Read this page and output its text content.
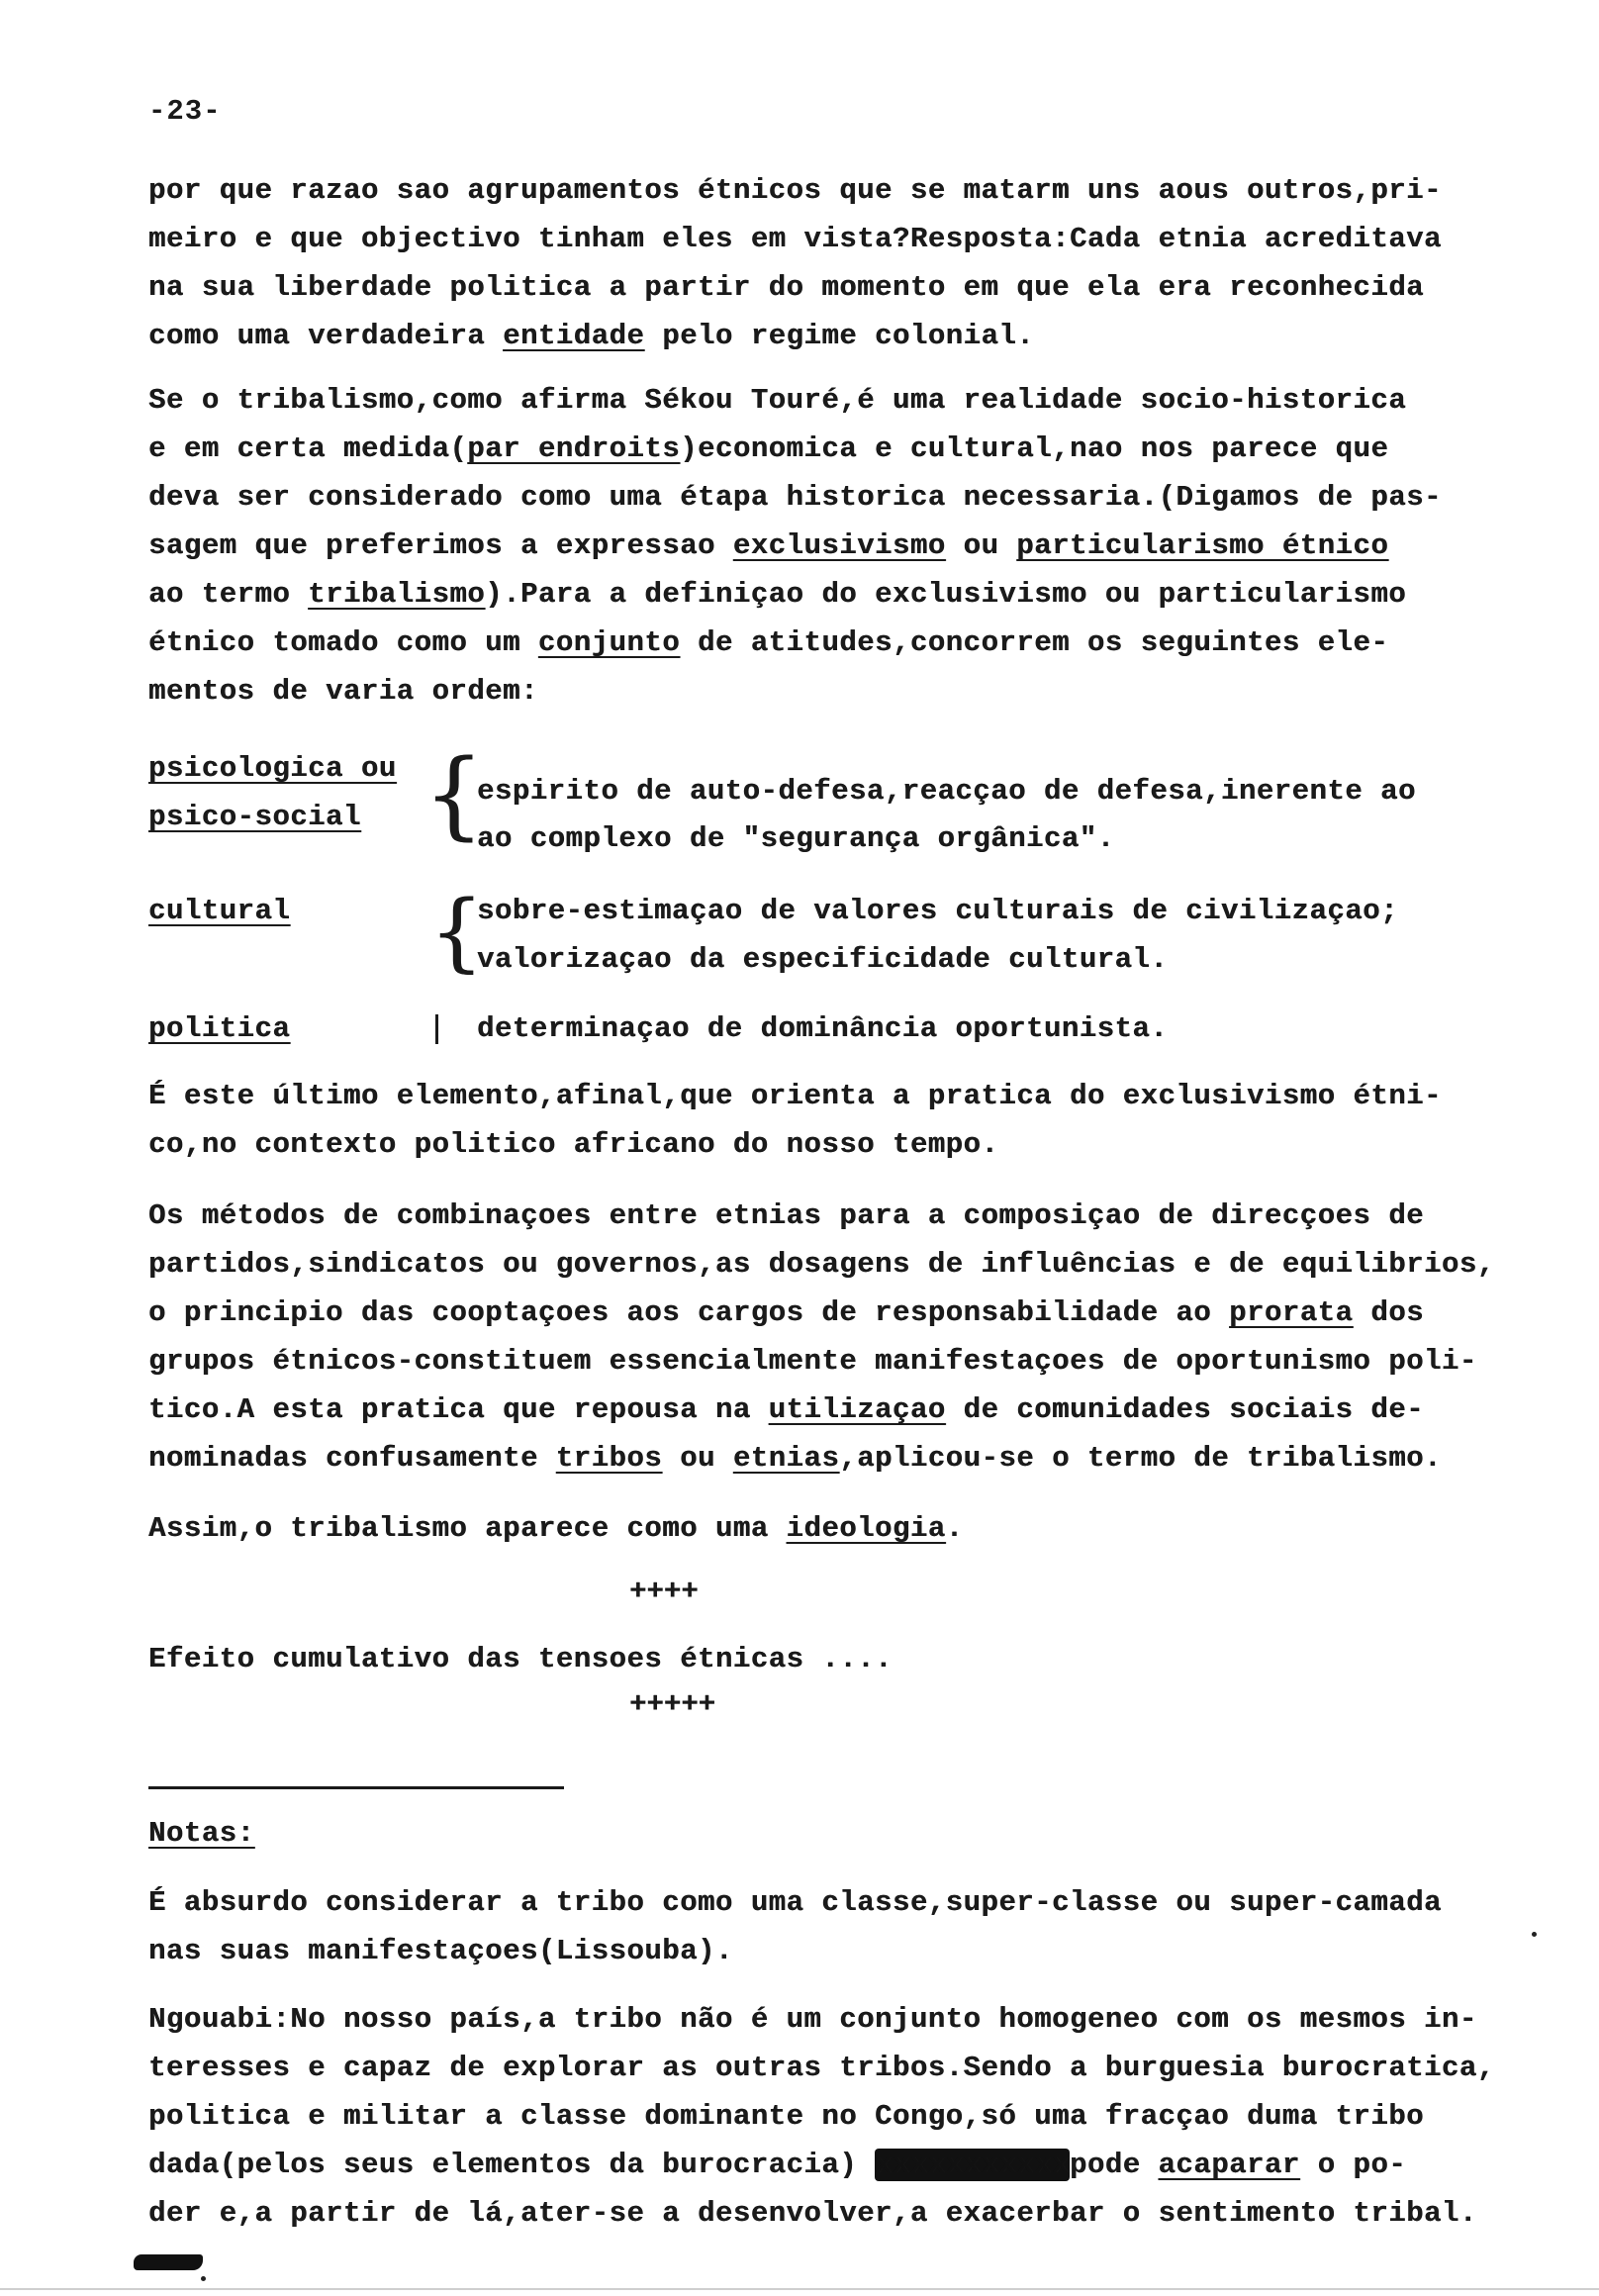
-23-
por que razao sao agrupamentos étnicos que se matarm uns aous outros,pri-
meiro e que objectivo tinham eles em vista?Resposta:Cada etnia acreditava
na sua liberdade politica a partir do momento em que ela era reconhecida
como uma verdadeira entidade pelo regime colonial.
Se o tribalismo,como afirma Sékou Touré,é uma realidade socio-historica
e em certa medida(par endroits)economica e cultural,nao nos parece que
deva ser considerado como uma étapa historica necessaria.(Digamos de pas-
sagem que preferimos a expressao exclusivismo ou particularismo étnico
ao termo tribalismo).Para a definiçao do exclusivismo ou particularismo
étnico tomado como um conjunto de atitudes,concorrem os seguintes ele-
mentos de varia ordem:
psicologica ou
psico-social {
espirito de auto-defesa,reacçao de defesa,inerente ao
ao complexo de "segurança orgânica".
cultural {
sobre-estimaçao de valores culturais de civilizaçao;
valorizaçao da especificidade cultural.
politica	determinaçao de dominância oportunista.
É este último elemento,afinal,que orienta a pratica do exclusivismo étni-
co,no contexto politico africano do nosso tempo.
Os métodos de combinaçoes entre etnias para a composiçao de direcçoes de
partidos,sindicatos ou governos,as dosagens de influências e de equilibrios,
o principio das cooptaçoes aos cargos de responsabilidade ao prorata dos
grupos étnicos-constituem essencialmente manifestaçoes de oportunismo poli-
tico.A esta pratica que repousa na utilizaçao de comunidades sociais de-
nominadas confusamente tribos ou etnias,aplicou-se o termo de tribalismo.
Assim,o tribalismo aparece como uma ideologia.
++++
Efeito cumulativo das tensoes étnicas ....
+++++
Notas:
É absurdo considerar a tribo como uma classe,super-classe ou super-camada
nas suas manifestaçoes(Lissouba).
Ngouabi:No nosso país,a tribo não é um conjunto homogeneo com os mesmos in-
teresses e capaz de explorar as outras tribos.Sendo a burguesia burocratica,
politica e militar a classe dominante no Congo,só uma fracçao duma tribo
dada(pelos seus elementos da burocracia) xxxxxxxxxxxpode acaparar o po-
der e,a partir de lá,ater-se a desenvolver,a exacerbar o sentimento tribal.
